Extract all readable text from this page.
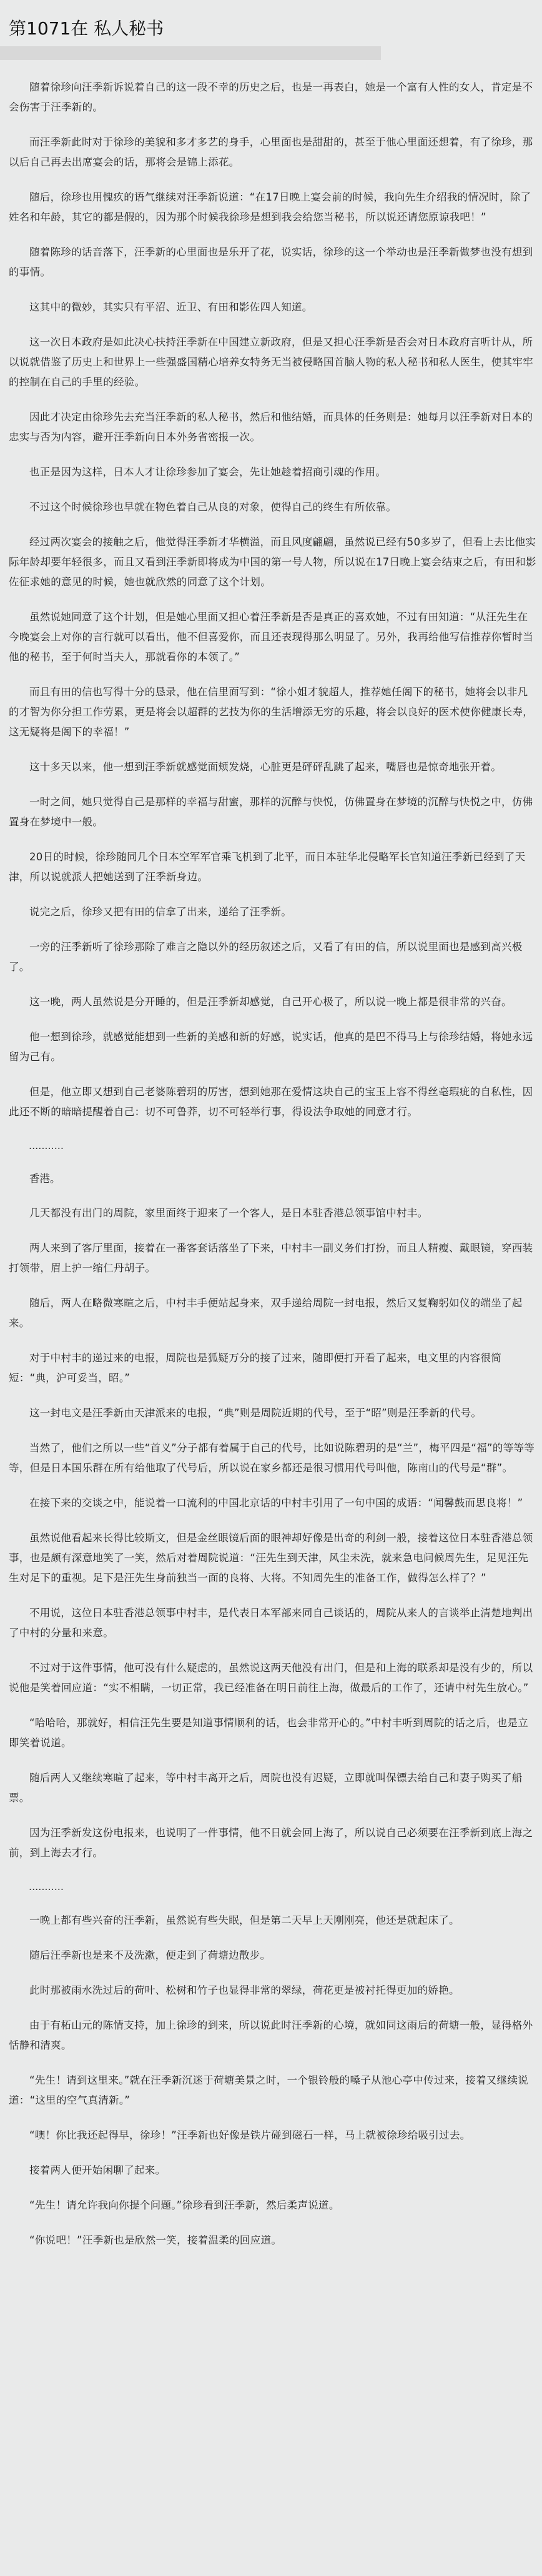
第1071在 私人秘书

随着徐珍向汪季新诉说着自己的这一段不幸的历史之后，也是一再表白，她是一个富有人性的女人，肯定是不会伤害于汪季新的。

而汪季新此时对于徐珍的美貌和多才多艺的身手，心里面也是甜甜的，甚至于他心里面还想着，有了徐珍，那以后自己再去出席宴会的话，那将会是锦上添花。

随后，徐珍也用愧疚的语气继续对汪季新说道：“在17日晚上宴会前的时候，我向先生介绍我的情况时，除了姓名和年龄，其它的都是假的，因为那个时候我徐珍是想到我会给您当秘书，所以说还请您原谅我吧！”

随着陈珍的话音落下，汪季新的心里面也是乐开了花，说实话，徐珍的这一个举动也是汪季新做梦也没有想到的事情。

这其中的微妙，其实只有平沼、近卫、有田和影佐四人知道。

这一次日本政府是如此决心扶持汪季新在中国建立新政府，但是又担心汪季新是否会对日本政府言听计从，所以说就借鉴了历史上和世界上一些强盛国精心培养女特务无当被侵略国首脑人物的私人秘书和私人医生，使其牢牢的控制在自己的手里的经验。

因此才决定由徐珍先去充当汪季新的私人秘书，然后和他结婚，而具体的任务则是：她每月以汪季新对日本的忠实与否为内容，避开汪季新向日本外务省密报一次。

也正是因为这样，日本人才让徐珍参加了宴会，先让她趁着招商引魂的作用。

不过这个时候徐珍也早就在物色着自己从良的对象，使得自己的终生有所依靠。

经过两次宴会的接触之后，他觉得汪季新才华横溢，而且风度翩翩，虽然说已经有50多岁了，但看上去比他实际年龄却要年轻很多，而且又看到汪季新即将成为中国的第一号人物，所以说在17日晚上宴会结束之后，有田和影佐征求她的意见的时候，她也就欣然的同意了这个计划。

虽然说她同意了这个计划，但是她心里面又担心着汪季新是否是真正的喜欢她，不过有田知道：“从汪先生在今晚宴会上对你的言行就可以看出，他不但喜爱你，而且还表现得那么明显了。另外，我再给他写信推荐你暂时当他的秘书，至于何时当夫人，那就看你的本领了。”

而且有田的信也写得十分的恳录，他在信里面写到：“徐小姐才貌超人，推荐她任阁下的秘书，她将会以非凡的才智为你分担工作劳累，更是将会以超群的艺技为你的生活增添无穷的乐趣，将会以良好的医术使你健康长寿，这无疑将是阁下的幸福！”

这十多天以来，他一想到汪季新就感觉面颊发烧，心脏更是砰砰乱跳了起来，嘴唇也是惊奇地张开着。

一时之间，她只觉得自己是那样的幸福与甜蜜，那样的沉醉与快悦，仿佛置身在梦境的沉醉与快悦之中，仿佛置身在梦境中一般。

20日的时候，徐珍随同几个日本空军军官乘飞机到了北平，而日本驻华北侵略军长官知道汪季新已经到了天津，所以说就派人把她送到了汪季新身边。

说完之后，徐珍又把有田的信拿了出来，递给了汪季新。

一旁的汪季新听了徐珍那除了难言之隐以外的经历叙述之后，又看了有田的信，所以说里面也是感到高兴极了。

这一晚，两人虽然说是分开睡的，但是汪季新却感觉，自己开心极了，所以说一晚上都是很非常的兴奋。

他一想到徐珍，就感觉能想到一些新的美感和新的好感，说实话，他真的是巴不得马上与徐珍结婚，将她永远留为己有。

但是，他立即又想到自己老婆陈碧玥的厉害，想到她那在爱情这块自己的宝玉上容不得丝毫瑕疵的自私性，因此还不断的暗暗提醒着自己：切不可鲁莽，切不可轻举行事，得设法争取她的同意才行。

...........

香港。

几天都没有出门的周院，家里面终于迎来了一个客人，是日本驻香港总领事馆中村丰。

两人来到了客厅里面，接着在一番客套话落坐了下来，中村丰一副义务们打扮，而且人精瘦、戴眼镜，穿西装打领带，眉上护一缩仁丹胡子。

随后，两人在略微寒暄之后，中村丰手便站起身来，双手递给周院一封电报，然后又复鞠躬如仪的端坐了起来。

对于中村丰的递过来的电报，周院也是狐疑万分的接了过来，随即便打开看了起来，电文里的内容很简短：“典，沪可妥当，昭。”

这一封电文是汪季新由天津派来的电报，“典”则是周院近期的代号，至于“昭”则是汪季新的代号。

当然了，他们之所以一些“首义”分子都有着属于自己的代号，比如说陈碧玥的是“兰”，梅平四是“福”的等等等等，但是日本国乐群在所有给他取了代号后，所以说在家乡都还是很习惯用代号叫他，陈南山的代号是“群”。

在接下来的交谈之中，能说着一口流利的中国北京话的中村丰引用了一句中国的成语：“闻馨鼓而思良将！”

虽然说他看起来长得比较斯文，但是金丝眼镜后面的眼神却好像是出奇的利剑一般，接着这位日本驻香港总领事，也是颇有深意地笑了一笑，然后对着周院说道：“汪先生到天津，风尘未洗，就来急电问候周先生，足见汪先生对足下的重视。足下是汪先生身前独当一面的良将、大将。不知周先生的准备工作，做得怎么样了？”

不用说，这位日本驻香港总领事中村丰，是代表日本军部来同自己谈话的，周院从来人的言谈举止清楚地判出了中村的分量和来意。

不过对于这件事情，他可没有什么疑虑的，虽然说这两天他没有出门，但是和上海的联系却是没有少的，所以说他是笑着回应道：“实不相瞒，一切正常，我已经准备在明日前往上海，做最后的工作了，还请中村先生放心。”

“哈哈哈，那就好，相信汪先生要是知道事情顺利的话，也会非常开心的。”中村丰听到周院的话之后，也是立即笑着说道。

随后两人又继续寒暄了起来，等中村丰离开之后，周院也没有迟疑，立即就叫保镖去给自己和妻子购买了船票。

因为汪季新发这份电报来，也说明了一件事情，他不日就会回上海了，所以说自己必须要在汪季新到底上海之前，到上海去才行。

...........

一晚上都有些兴奋的汪季新，虽然说有些失眠，但是第二天早上天刚刚亮，他还是就起床了。

随后汪季新也是来不及洗漱，便走到了荷塘边散步。

此时那被雨水洗过后的荷叶、松树和竹子也显得非常的翠绿，荷花更是被衬托得更加的娇艳。

由于有柘山元的陈情支持，加上徐珍的到来，所以说此时汪季新的心境，就如同这雨后的荷塘一般，显得格外恬静和清爽。

“先生！请到这里来。”就在汪季新沉迷于荷塘美景之时，一个银铃般的嗓子从池心亭中传过来，接着又继续说道：“这里的空气真清新。”

“噢！你比我还起得早，徐珍！”汪季新也好像是铁片碰到磁石一样，马上就被徐珍给吸引过去。

接着两人便开始闲聊了起来。

“先生！请允许我向你提个问题。”徐珍看到汪季新，然后柔声说道。

“你说吧！”汪季新也是欣然一笑，接着温柔的回应道。
